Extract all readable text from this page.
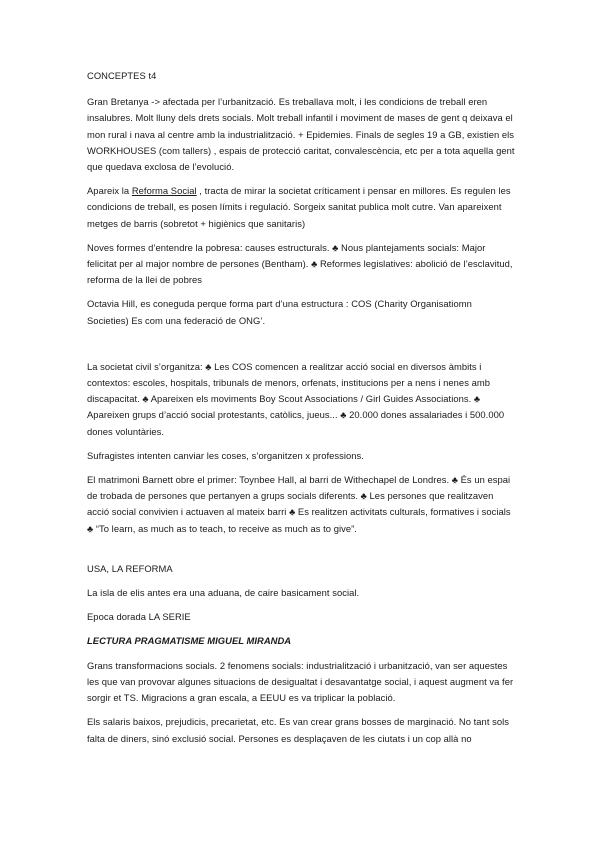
CONCEPTES t4
Gran Bretanya -> afectada per l’urbanització. Es treballava molt, i les condicions de treball eren insalubres. Molt lluny dels drets socials. Molt treball infantil i moviment de mases de gent q deixava el mon rural i nava al centre amb la industrialització. + Epidemies. Finals de segles 19 a GB, existien els WORKHOUSES (com tallers) , espais de protecció caritat, convalescència, etc per a tota aquella gent que quedava exclosa de l’evolució.
Apareix la Reforma Social , tracta de mirar la societat críticament i pensar en millores. Es regulen les condicions de treball, es posen límits i regulació. Sorgeix sanitat publica molt cutre. Van apareixent metges de barris (sobretot + higiènics que sanitaris)
Noves formes d’entendre la pobresa: causes estructurals. ♣ Nous plantejaments socials: Major felicitat per al major nombre de persones (Bentham). ♣ Reformes legislatives: abolició de l’esclavitud, reforma de la llei de pobres
Octavia Hill, es coneguda perque forma part d’una estructura : COS (Charity Organisatiomn Societies) Es com una federació de ONG’.
La societat civil s’organitza: ♣ Les COS comencen a realitzar acció social en diversos àmbits i contextos: escoles, hospitals, tribunals de menors, orfenats, institucions per a nens i nenes amb discapacitat. ♣ Apareixen els moviments Boy Scout Associations / Girl Guides Associations. ♣ Apareixen grups d’acció social protestants, catòlics, jueus... ♣ 20.000 dones assalariades i 500.000 dones voluntàries.
Sufragistes intenten canviar les coses, s’organitzen x professions.
El matrimoni Barnett obre el primer: Toynbee Hall, al barri de Withechapel de Londres. ♣ És un espai de trobada de persones que pertanyen a grups socials diferents. ♣ Les persones que realitzaven acció social convivien i actuaven al mateix barri ♣ Es realitzen activitats culturals, formatives i socials ♣ “To learn, as much as to teach, to receive as much as to give”.
USA, LA REFORMA
La isla de elis antes era una aduana, de caire basicament social.
Epoca dorada LA SERIE
LECTURA PRAGMATISME MIGUEL MIRANDA
Grans transformacions socials. 2 fenomens socials: industrialització i urbanització, van ser aquestes les que van provovar algunes situacions de desigualtat i desavantatge social, i aquest augment va fer sorgir et TS. Migracions a gran escala, a EEUU es va triplicar la població.
Els salaris baixos, prejudicis, precarietat, etc. Es van crear grans bosses de marginació. No tant sols falta de diners, sinó exclusió social. Persones es desplaçaven de les ciutats i un cop allà no
